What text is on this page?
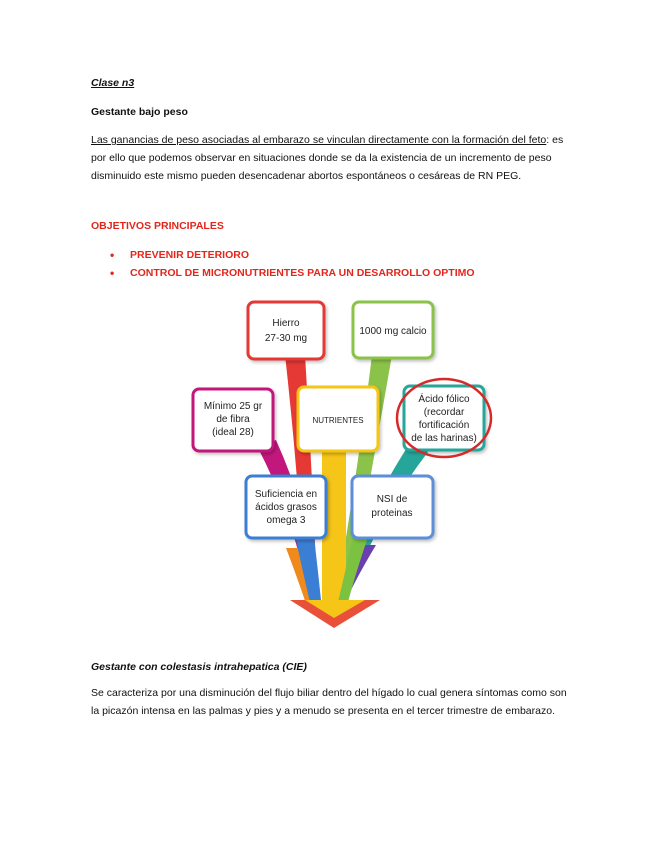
Clase n3
Gestante bajo peso
Las ganancias de peso asociadas al embarazo se vinculan directamente con la formación del feto: es por ello que podemos observar en situaciones donde se da la existencia de un incremento de peso disminuido este mismo pueden desencadenar abortos espontáneos o cesáreas de RN PEG.
OBJETIVOS PRINCIPALES
• PREVENIR DETERIORO
• CONTROL DE MICRONUTRIENTES PARA UN DESARROLLO OPTIMO
Hierro
27-30 mg
1000 mg calcio
Mínimo 25 gr
de fibra
(ideal 28)
NUTRIENTES
Ácido fólico
(recordar
fortificación
de las harinas)
Suficiencia en
ácidos grasos
omega 3
NSI de
proteinas
Gestante con colestasis intrahepatica (CIE)
Se caracteriza por una disminución del flujo biliar dentro del hígado lo cual genera síntomas como son la picazón intensa en las palmas y pies y a menudo se presenta en el tercer trimestre de embarazo.
